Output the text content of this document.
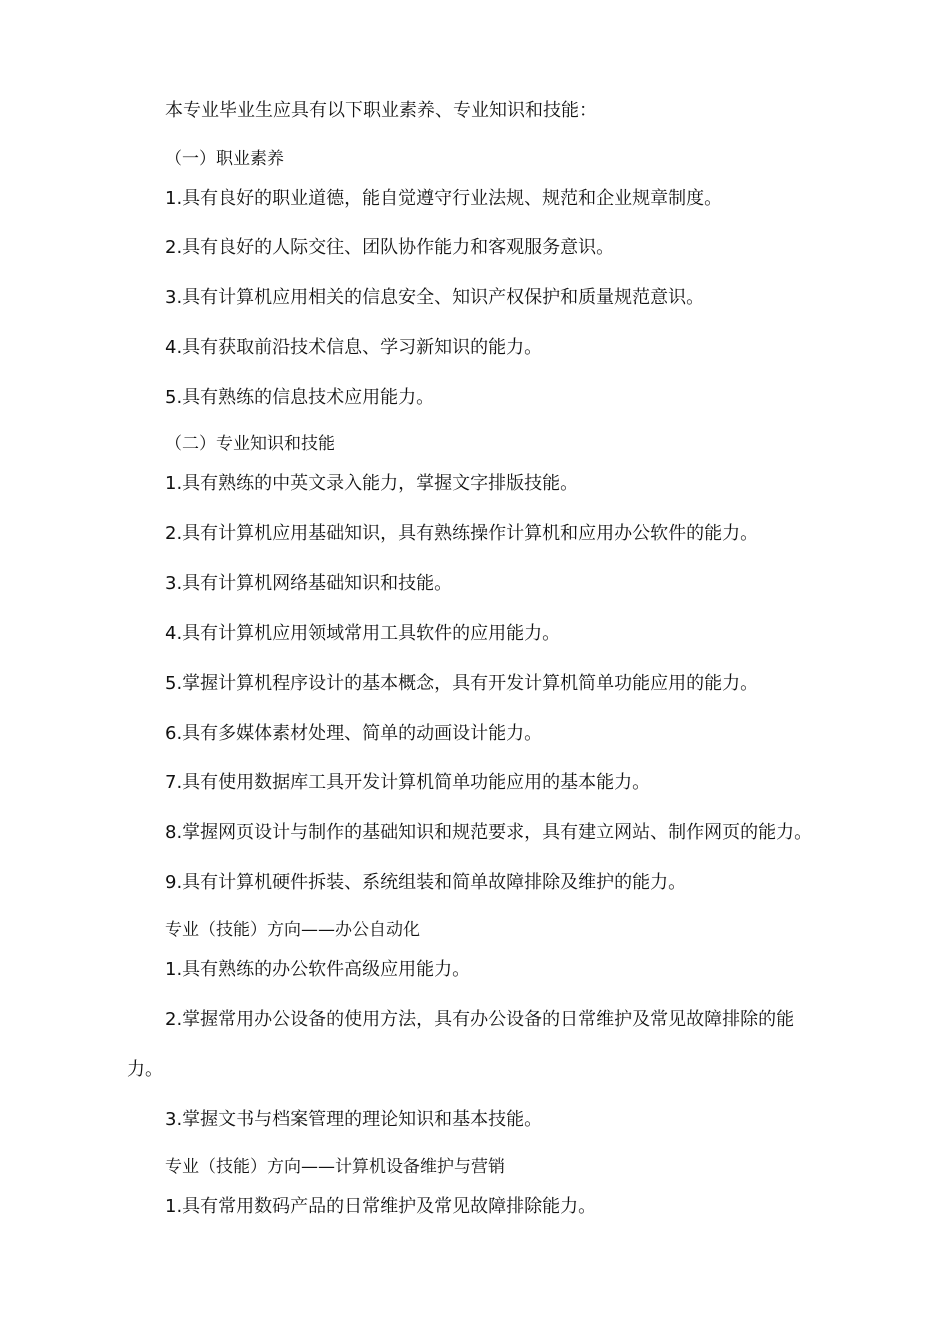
本专业毕业生应具有以下职业素养、专业知识和技能：

（一）职业素养

1.具有良好的职业道德，能自觉遵守行业法规、规范和企业规章制度。

2.具有良好的人际交往、团队协作能力和客观服务意识。

3.具有计算机应用相关的信息安全、知识产权保护和质量规范意识。

4.具有获取前沿技术信息、学习新知识的能力。

5.具有熟练的信息技术应用能力。

（二）专业知识和技能

1.具有熟练的中英文录入能力，掌握文字排版技能。

2.具有计算机应用基础知识，具有熟练操作计算机和应用办公软件的能力。

3.具有计算机网络基础知识和技能。

4.具有计算机应用领域常用工具软件的应用能力。

5.掌握计算机程序设计的基本概念，具有开发计算机简单功能应用的能力。

6.具有多媒体素材处理、简单的动画设计能力。

7.具有使用数据库工具开发计算机简单功能应用的基本能力。

8.掌握网页设计与制作的基础知识和规范要求，具有建立网站、制作网页的能力。

9.具有计算机硬件拆装、系统组装和简单故障排除及维护的能力。

专业（技能）方向——办公自动化

1.具有熟练的办公软件高级应用能力。

2.掌握常用办公设备的使用方法，具有办公设备的日常维护及常见故障排除的能

力。

3.掌握文书与档案管理的理论知识和基本技能。

专业（技能）方向——计算机设备维护与营销

1.具有常用数码产品的日常维护及常见故障排除能力。
